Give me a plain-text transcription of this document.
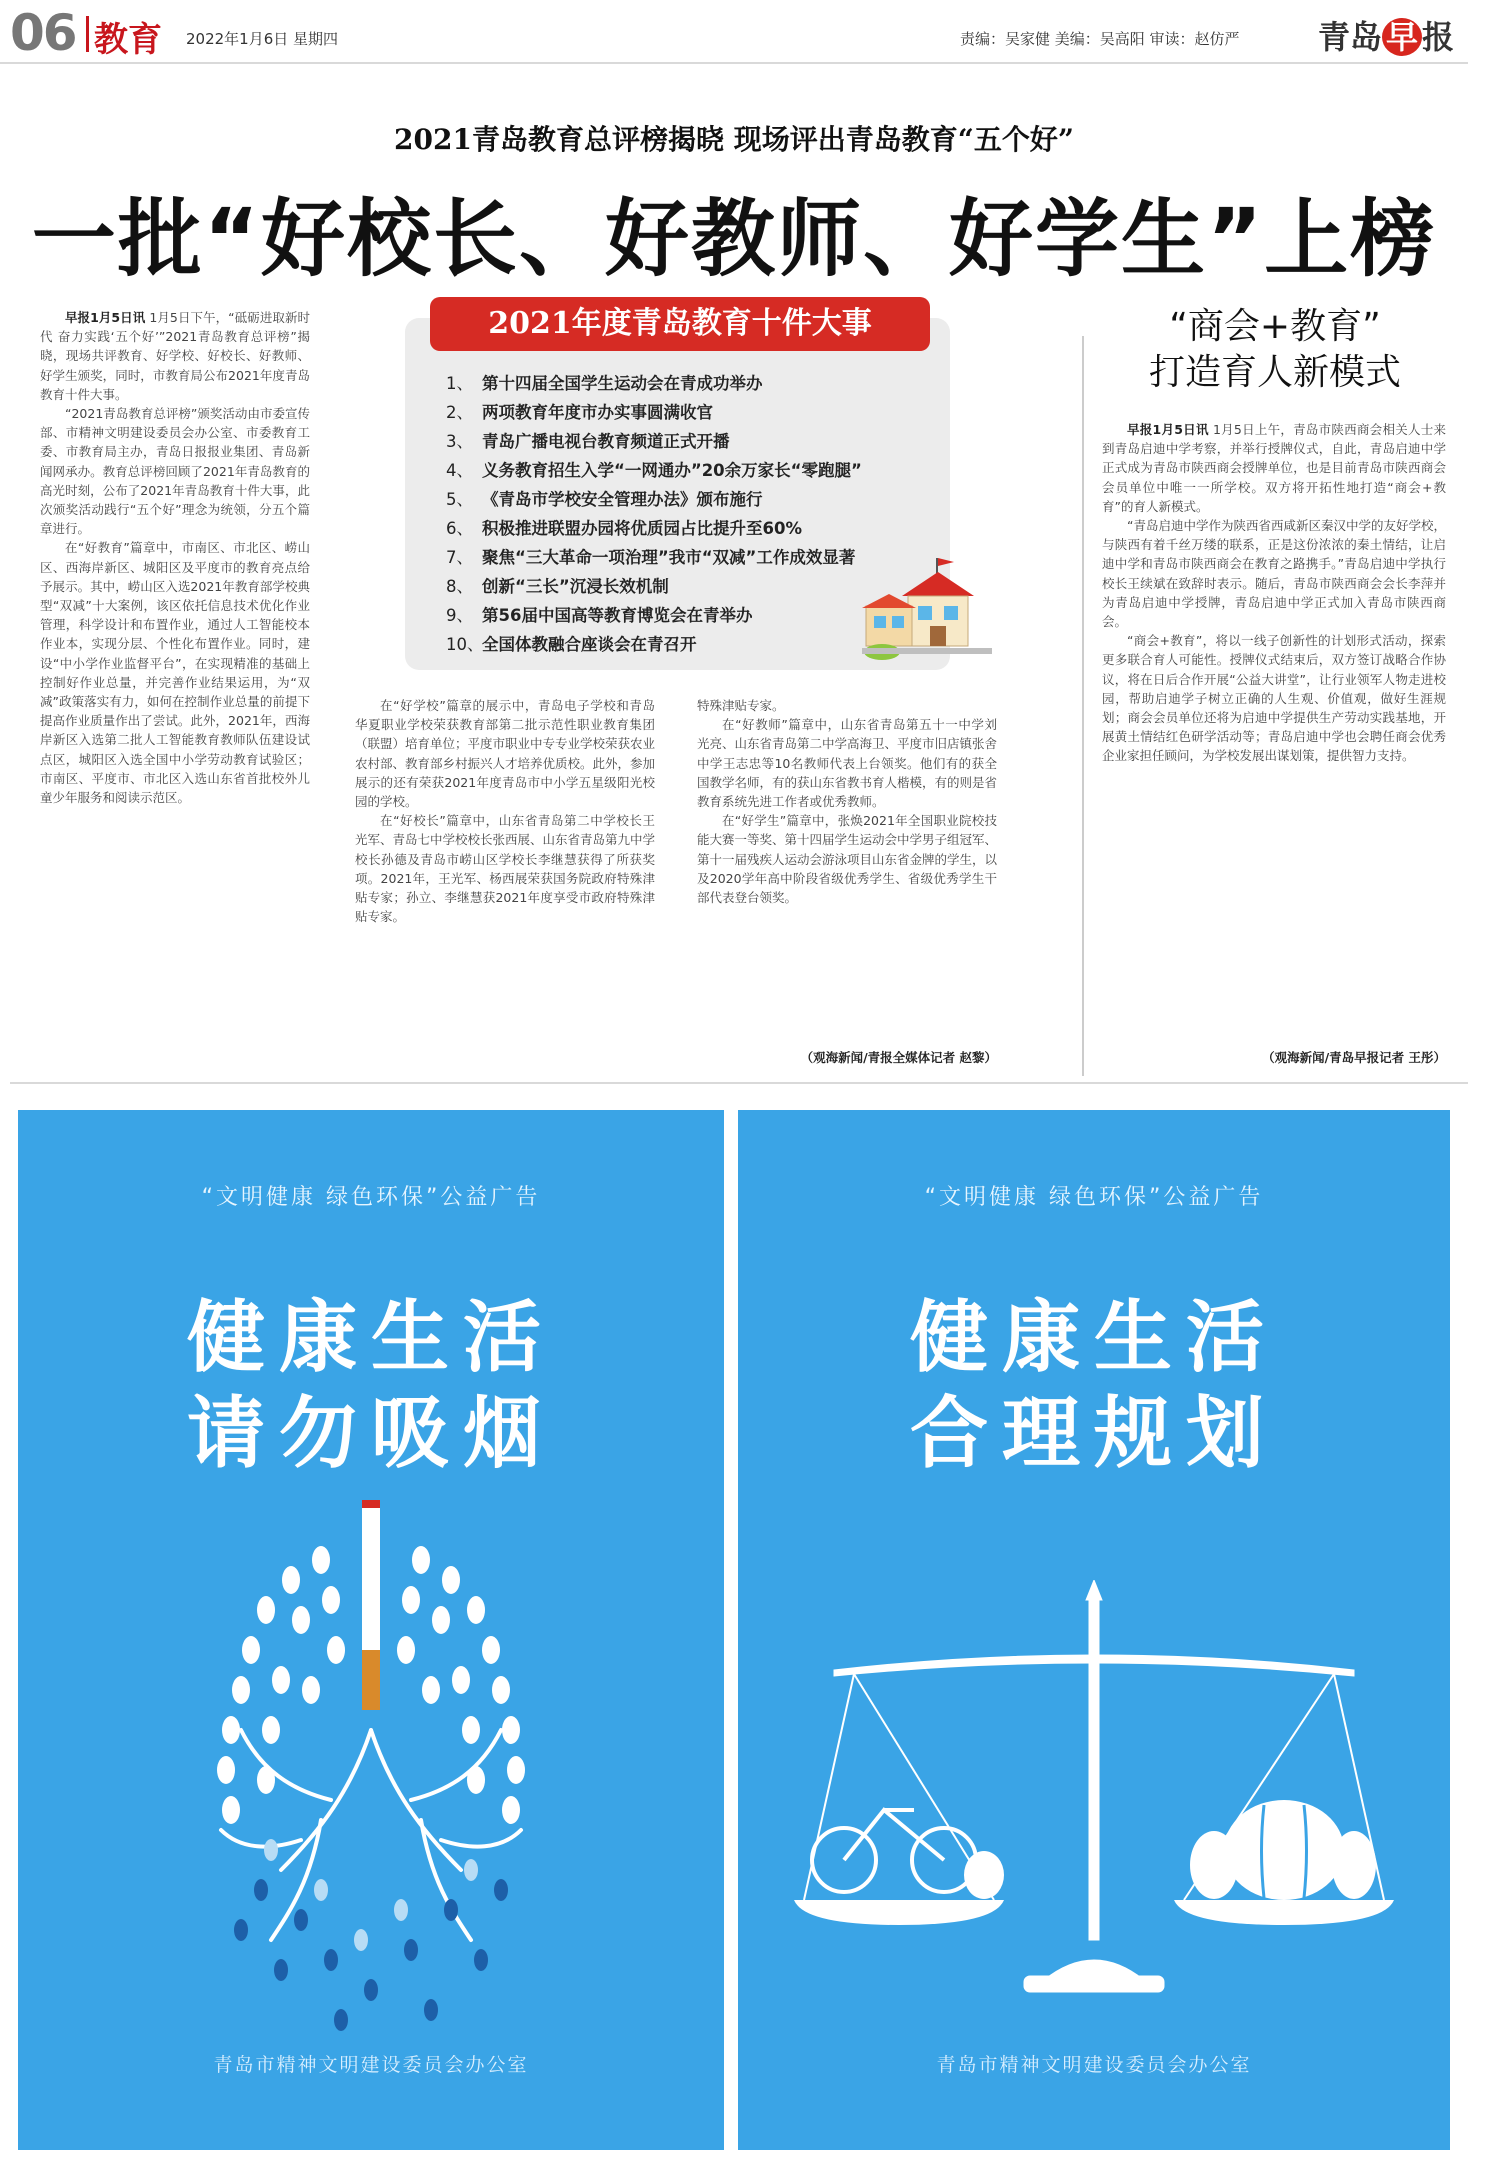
06 教育 2022年1月6日 星期四	责编：吴家健 美编：吴高阳 审读：赵仿严 青岛 早 报
2021青岛教育总评榜揭晓 现场评出青岛教育“五个好”
一批“好校长、好教师、好学生”上榜

早报1月5日讯 1月5日下午，“砥砺进取新时代 奋力实践‘五个好’”2021青岛教育总评榜”揭晓，现场共评教育、好学校、好校长、好教师、好学生颁奖，同时，市教育局公布2021年度青岛教育十件大事。

“2021青岛教育总评榜”颁奖活动由市委宣传部、市精神文明建设委员会办公室、市委教育工委、市教育局主办，青岛日报报业集团、青岛新闻网承办。教育总评榜回顾了2021年青岛教育的高光时刻，公布了2021年青岛教育十件大事，此次颁奖活动践行“五个好”理念为统领，分五个篇章进行。

在“好教育”篇章中，市南区、市北区、崂山区、西海岸新区、城阳区及平度市的教育亮点给予展示。其中，崂山区入选2021年教育部学校典型“双减”十大案例，该区依托信息技术优化作业管理，科学设计和布置作业，通过人工智能校本作业本，实现分层、个性化布置作业。同时，建设“中小学作业监督平台”，在实现精准的基础上控制好作业总量，并完善作业结果运用，为“双减”政策落实有力，如何在控制作业总量的前提下提高作业质量作出了尝试。此外，2021年，西海岸新区入选第二批人工智能教育教师队伍建设试点区，城阳区入选全国中小学劳动教育试验区；市南区、平度市、市北区入选山东省首批校外儿童少年服务和阅读示范区。

2021年度青岛教育十件大事
1、 第十四届全国学生运动会在青成功举办
2、 两项教育年度市办实事圆满收官
3、 青岛广播电视台教育频道正式开播
4、 义务教育招生入学“一网通办”20余万家长“零跑腿”
5、 《青岛市学校安全管理办法》颁布施行
6、 积极推进联盟办园将优质园占比提升至60%
7、 聚焦“三大革命一项治理”我市“双减”工作成效显著
8、 创新“三长”沉浸长效机制
9、 第56届中国高等教育博览会在青举办
10、全国体教融合座谈会在青召开

在“好学校”篇章的展示中，青岛电子学校和青岛华夏职业学校荣获教育部第二批示范性职业教育集团（联盟）培育单位；平度市职业中专专业学校荣获农业农村部、教育部乡村振兴人才培养优质校。此外，参加展示的还有荣获2021年度青岛市中小学五星级阳光校园的学校。

在“好校长”篇章中，山东省青岛第二中学校长王光军、青岛七中学校校长张西展、山东省青岛第九中学校长孙德及青岛市崂山区学校长李继慧获得了所获奖项。2021年，王光军、杨西展荣获国务院政府特殊津贴专家；孙立、李继慧获2021年度享受市政府特殊津贴专家。

特殊津贴专家。

在“好教师”篇章中，山东省青岛第五十一中学刘光亮、山东省青岛第二中学高海卫、平度市旧店镇张舍中学王志忠等10名教师代表上台领奖。他们有的获全国教学名师，有的获山东省教书育人楷模，有的则是省教育系统先进工作者或优秀教师。

在“好学生”篇章中，张焕2021年全国职业院校技能大赛一等奖、第十四届学生运动会中学男子组冠军、第十一届残疾人运动会游泳项目山东省金牌的学生，以及2020学年高中阶段省级优秀学生、省级优秀学生干部代表登台领奖。

（观海新闻/青报全媒体记者 赵黎）
“商会+教育”
打造育人新模式

早报1月5日讯 1月5日上午，青岛市陕西商会相关人士来到青岛启迪中学考察，并举行授牌仪式，自此，青岛启迪中学正式成为青岛市陕西商会授牌单位，也是目前青岛市陕西商会会员单位中唯一一所学校。双方将开拓性地打造“商会+教育”的育人新模式。

“青岛启迪中学作为陕西省西咸新区秦汉中学的友好学校，与陕西有着千丝万缕的联系，正是这份浓浓的秦土情结，让启迪中学和青岛市陕西商会在教育之路携手。”青岛启迪中学执行校长王续斌在致辞时表示。随后，青岛市陕西商会会长李萍并为青岛启迪中学授牌，青岛启迪中学正式加入青岛市陕西商会。

“商会+教育”，将以一线子创新性的计划形式活动，探索更多联合育人可能性。授牌仪式结束后，双方签订战略合作协议，将在日后合作开展“公益大讲堂”，让行业领军人物走进校园，帮助启迪学子树立正确的人生观、价值观，做好生涯规划；商会会员单位还将为启迪中学提供生产劳动实践基地，开展黄土情结红色研学活动等；青岛启迪中学也会聘任商会优秀企业家担任顾问，为学校发展出谋划策，提供智力支持。

（观海新闻/青岛早报记者 王彤）
“文明健康 绿色环保”公益广告
健康生活
请勿吸烟
青岛市精神文明建设委员会办公室
“文明健康 绿色环保”公益广告
健康生活
合理规划
青岛市精神文明建设委员会办公室
